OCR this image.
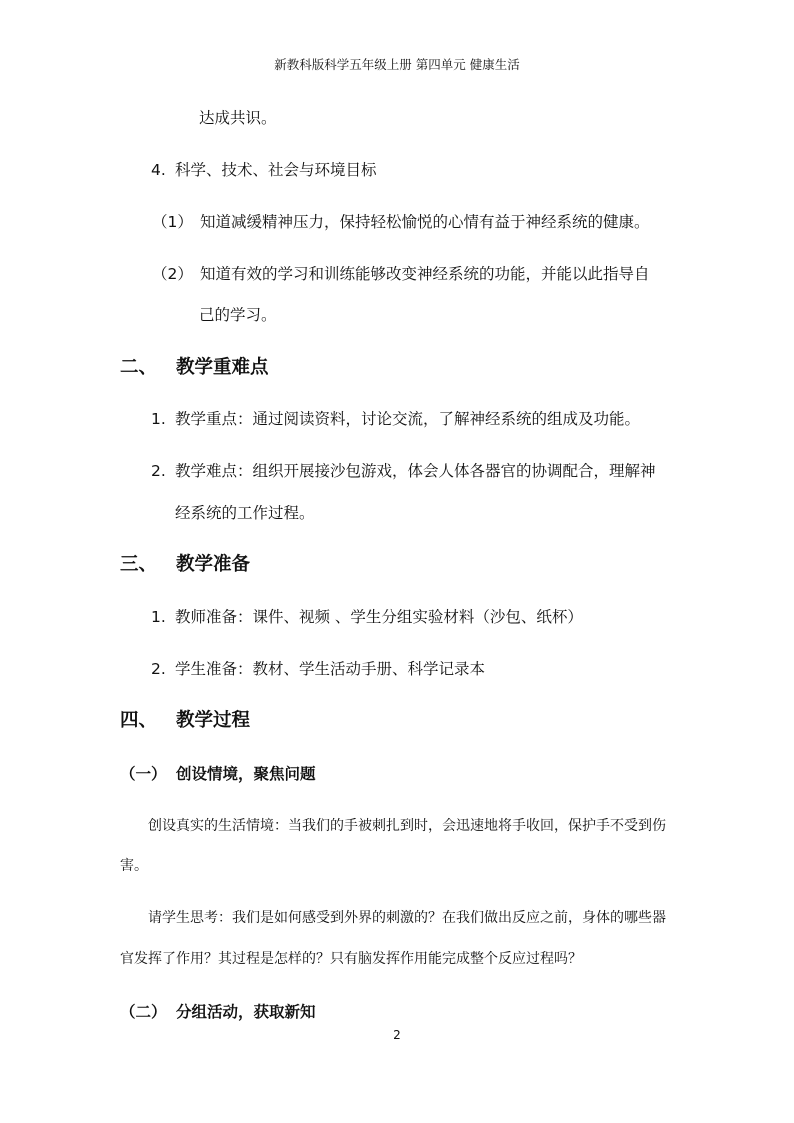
新教科版科学五年级上册 第四单元 健康生活
达成共识。
4. 科学、技术、社会与环境目标
（1） 知道减缓精神压力，保持轻松愉悦的心情有益于神经系统的健康。
（2） 知道有效的学习和训练能够改变神经系统的功能，并能以此指导自
己的学习。
二、 教学重难点
1. 教学重点：通过阅读资料，讨论交流，了解神经系统的组成及功能。
2. 教学难点：组织开展接沙包游戏，体会人体各器官的协调配合，理解神
经系统的工作过程。
三、 教学准备
1. 教师准备：课件、视频 、学生分组实验材料（沙包、纸杯）
2. 学生准备：教材、学生活动手册、科学记录本
四、 教学过程
（一） 创设情境，聚焦问题
创设真实的生活情境：当我们的手被刺扎到时，会迅速地将手收回，保护手不受到伤
害。
请学生思考：我们是如何感受到外界的刺激的？在我们做出反应之前，身体的哪些器
官发挥了作用？其过程是怎样的？只有脑发挥作用能完成整个反应过程吗？
（二） 分组活动，获取新知
2
